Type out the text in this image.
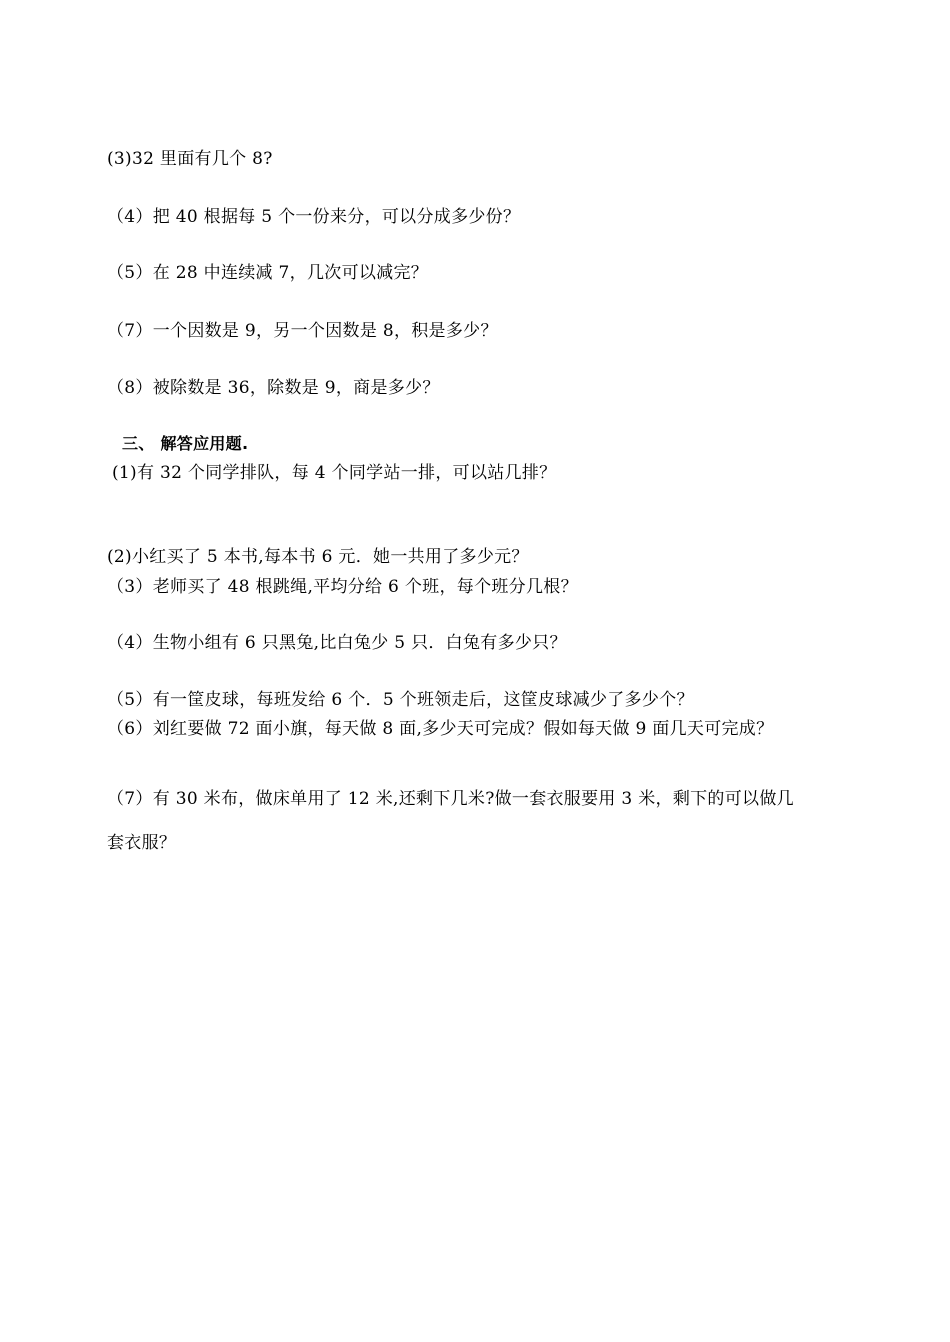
(3)32 里面有几个 8?
（4）把 40 根据每 5 个一份来分，可以分成多少份？
（5）在 28 中连续减 7，几次可以减完？
（7）一个因数是 9，另一个因数是 8，积是多少？
（8）被除数是 36，除数是 9，商是多少？
三、 解答应用题.
(1)有 32 个同学排队，每 4 个同学站一排，可以站几排？
(2)小红买了 5 本书,每本书 6 元．她一共用了多少元？
（3）老师买了 48 根跳绳,平均分给 6 个班，每个班分几根？
（4）生物小组有 6 只黑兔,比白兔少 5 只．白兔有多少只？
（5）有一筐皮球，每班发给 6 个．5 个班领走后，这筐皮球减少了多少个？
（6）刘红要做 72 面小旗，每天做 8 面,多少天可完成？假如每天做 9 面几天可完成？
（7）有 30 米布，做床单用了 12 米,还剩下几米?做一套衣服要用 3 米，剩下的可以做几
套衣服？
